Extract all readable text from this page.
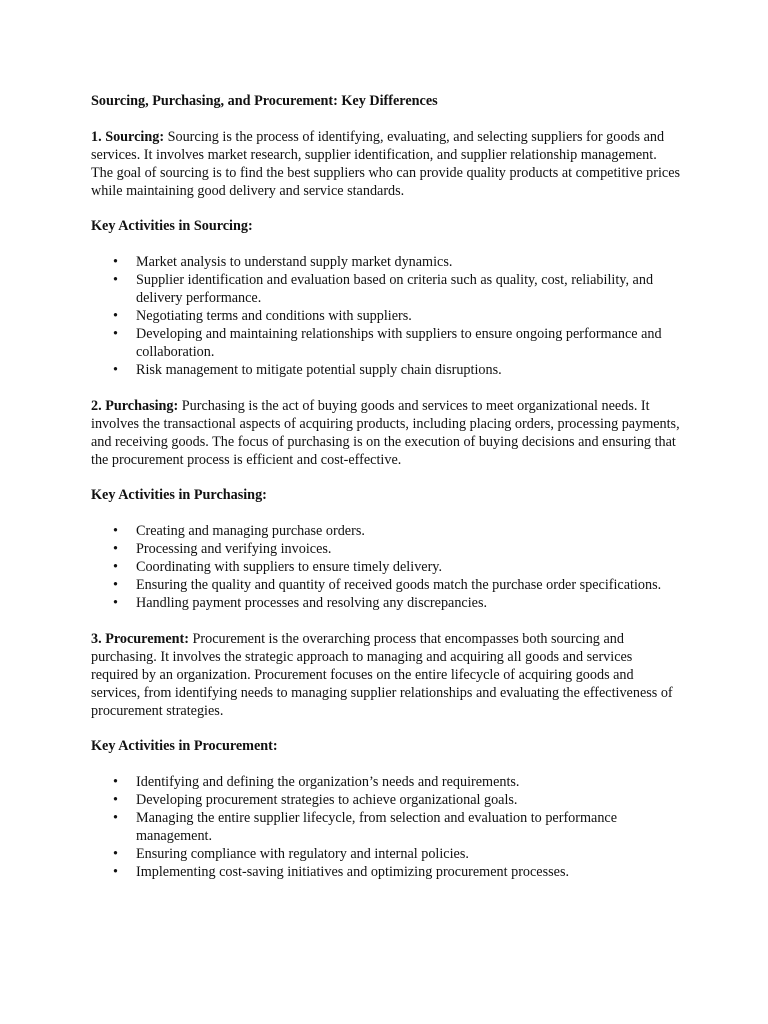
Sourcing, Purchasing, and Procurement: Key Differences

1. Sourcing: Sourcing is the process of identifying, evaluating, and selecting suppliers for goods and services. It involves market research, supplier identification, and supplier relationship management. The goal of sourcing is to find the best suppliers who can provide quality products at competitive prices while maintaining good delivery and service standards.

Key Activities in Sourcing:
• Market analysis to understand supply market dynamics.
• Supplier identification and evaluation based on criteria such as quality, cost, reliability, and delivery performance.
• Negotiating terms and conditions with suppliers.
• Developing and maintaining relationships with suppliers to ensure ongoing performance and collaboration.
• Risk management to mitigate potential supply chain disruptions.

2. Purchasing: Purchasing is the act of buying goods and services to meet organizational needs. It involves the transactional aspects of acquiring products, including placing orders, processing payments, and receiving goods. The focus of purchasing is on the execution of buying decisions and ensuring that the procurement process is efficient and cost-effective.

Key Activities in Purchasing:
• Creating and managing purchase orders.
• Processing and verifying invoices.
• Coordinating with suppliers to ensure timely delivery.
• Ensuring the quality and quantity of received goods match the purchase order specifications.
• Handling payment processes and resolving any discrepancies.

3. Procurement: Procurement is the overarching process that encompasses both sourcing and purchasing. It involves the strategic approach to managing and acquiring all goods and services required by an organization. Procurement focuses on the entire lifecycle of acquiring goods and services, from identifying needs to managing supplier relationships and evaluating the effectiveness of procurement strategies.

Key Activities in Procurement:
• Identifying and defining the organization’s needs and requirements.
• Developing procurement strategies to achieve organizational goals.
• Managing the entire supplier lifecycle, from selection and evaluation to performance management.
• Ensuring compliance with regulatory and internal policies.
• Implementing cost-saving initiatives and optimizing procurement processes.
